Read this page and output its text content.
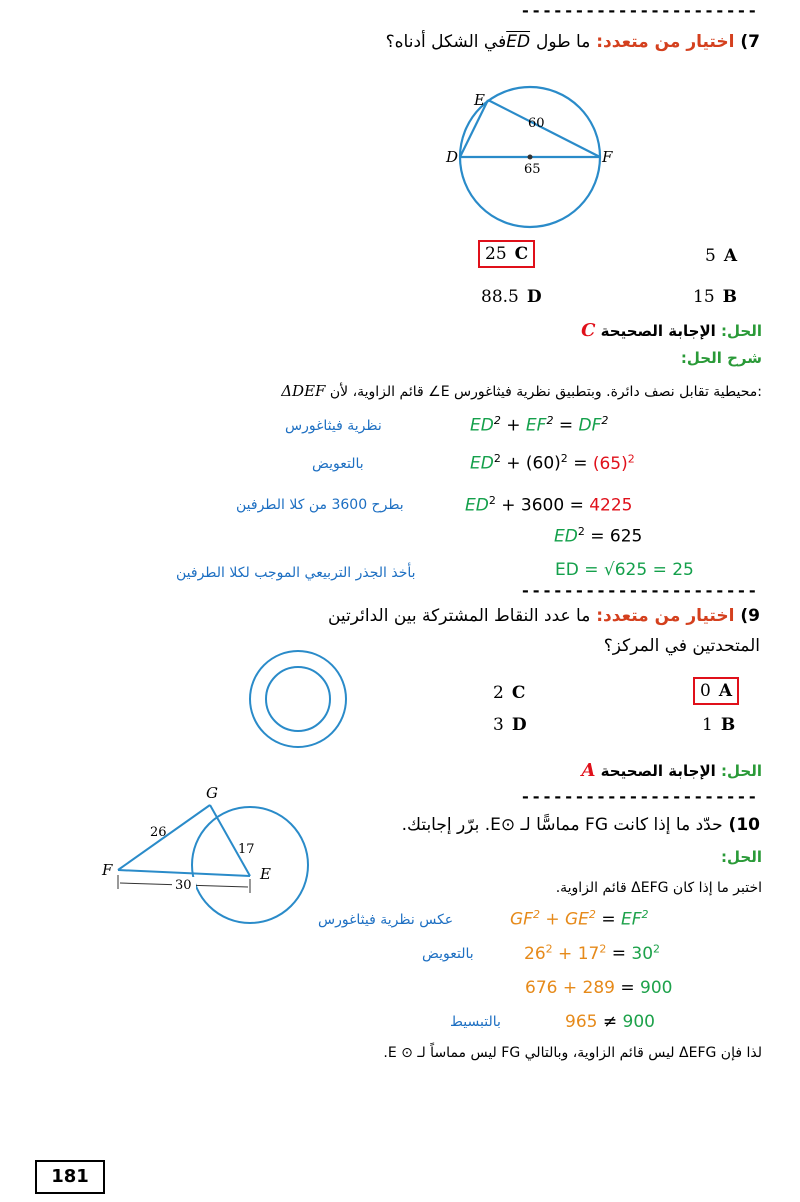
----------------------
7) اختيار من متعدد: ما طول EDفي الشكل أدناه؟
E
D	F
60
65
25 C	5 A
88.5 D	15 B
الحل: الإجابة الصحيحة C
شرح الحل:
ΔDEF قائم الزاوية، لأن ∠E محيطية تقابل نصف دائرة. وبتطبيق نظرية فيثاغورس:
$ED^2 + EF^2 = DF^2$
نظرية فيثاغورس
$ED^2 + (60)^2 = (65)^2$
بالتعويض
$ED^2 + 3600 = 4225$
بطرح 3600 من كلا الطرفين
$ED^2 = 625$
ED = √625 = 25
بأخذ الجذر التربيعي الموجب لكلا الطرفين
----------------------
9) اختيار من متعدد: ما عدد النقاط المشتركة بين الدائرتين
المتحدتين في المركز؟
2 C	0 A
3 D	1 B
الحل: الإجابة الصحيحة A
----------------------
10) حدّد ما إذا كانت FG مماسًّا لـ ⊙E. برّر إجابتك.
G
F	E
26
17
30
الحل:
اختبر ما إذا كان ΔEFG قائم الزاوية.
$GF^2 + GE^2 = EF^2$
عكس نظرية فيثاغورس
$26^2 + 17^2 = 30^2$
بالتعويض
676 + 289 = 900
965 ≠ 900
بالتبسيط
لذا فإن ΔEFG ليس قائم الزاوية، وبالتالي FG ليس مماساً لـ ⊙ E.
181
